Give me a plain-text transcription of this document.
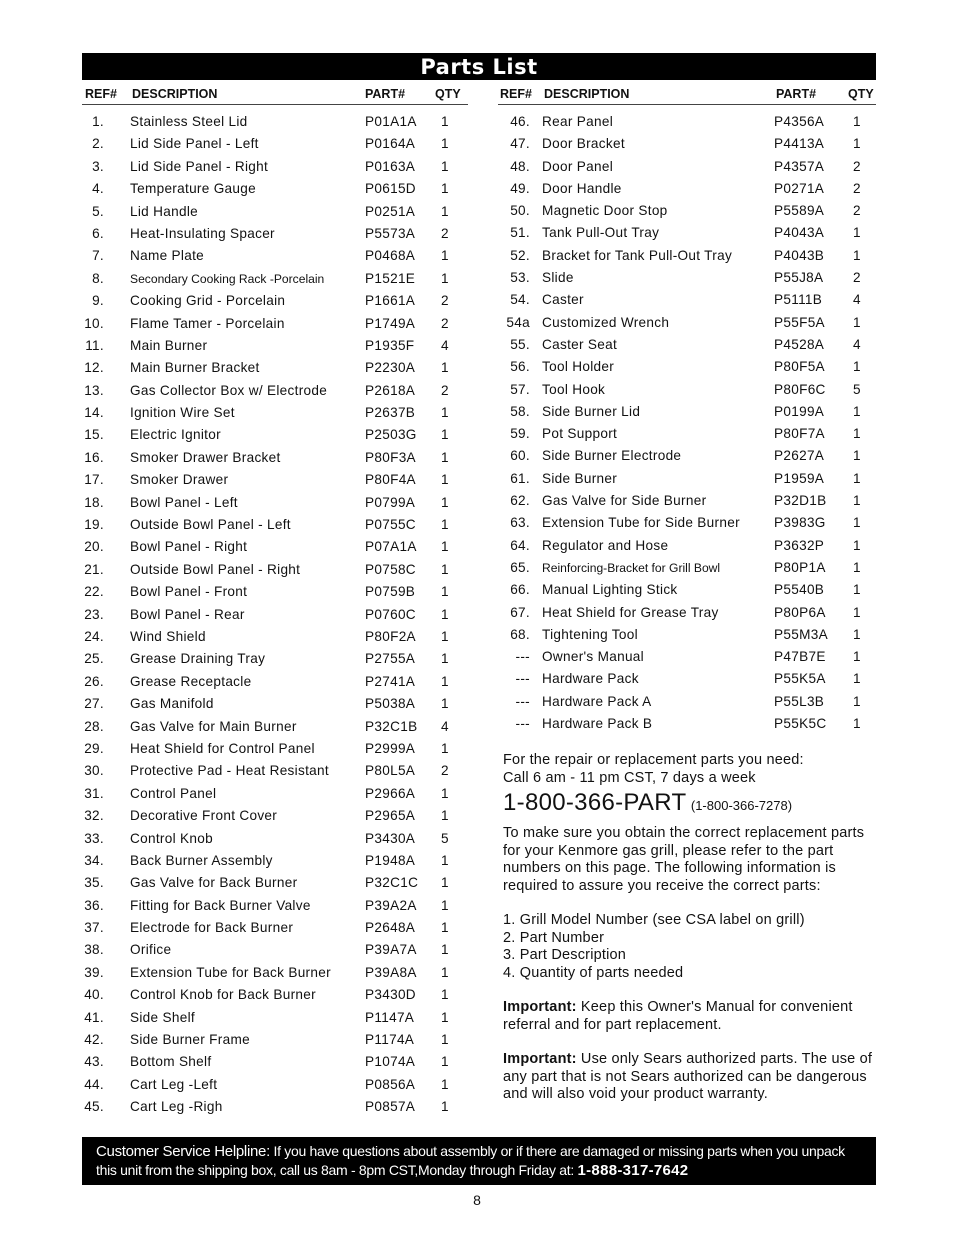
Parts List
REF# DESCRIPTION	PART# QTY
1. Stainless Steel Lid	P01A1A 1
2. Lid Side Panel - Left	P0164A 1
3. Lid Side Panel - Right	P0163A 1
4. Temperature Gauge	P0615D 1
5. Lid Handle	P0251A 1
6. Heat-Insulating Spacer	P5573A 2
7. Name Plate	P0468A 1
8. Secondary Cooking Rack -Porcelain	P1521E 1
9. Cooking Grid - Porcelain	P1661A 2
10. Flame Tamer - Porcelain	P1749A 2
11. Main Burner	P1935F 4
12. Main Burner Bracket	P2230A 1
13. Gas Collector Box w/ Electrode	P2618A 2
14. Ignition Wire Set	P2637B 1
15. Electric Ignitor	P2503G 1
16. Smoker Drawer Bracket	P80F3A 1
17. Smoker Drawer	P80F4A 1
18. Bowl Panel - Left	P0799A 1
19. Outside Bowl Panel - Left	P0755C 1
20. Bowl Panel - Right	P07A1A 1
21. Outside Bowl Panel - Right	P0758C 1
22. Bowl Panel - Front	P0759B 1
23. Bowl Panel - Rear	P0760C 1
24. Wind Shield	P80F2A 1
25. Grease Draining Tray	P2755A 1
26. Grease Receptacle	P2741A 1
27. Gas Manifold	P5038A 1
28. Gas Valve for Main Burner	P32C1B 4
29. Heat Shield for Control Panel	P2999A 1
30. Protective Pad - Heat Resistant	P80L5A 2
31. Control Panel	P2966A 1
32. Decorative Front Cover	P2965A 1
33. Control Knob	P3430A 5
34. Back Burner Assembly	P1948A 1
35. Gas Valve for Back Burner	P32C1C 1
36. Fitting for Back Burner Valve	P39A2A 1
37. Electrode for Back Burner	P2648A 1
38. Orifice	P39A7A 1
39. Extension Tube for Back Burner	P39A8A 1
40. Control Knob for Back Burner	P3430D 1
41. Side Shelf	P1147A 1
42. Side Burner Frame	P1174A 1
43. Bottom Shelf	P1074A 1
44. Cart Leg -Left	P0856A 1
45. Cart Leg -Righ	P0857A 1
REF# DESCRIPTION	PART#	QTY
46. Rear Panel	P4356A 1
47. Door Bracket	P4413A 1
48. Door Panel	P4357A 2
49. Door Handle	P0271A 2
50. Magnetic Door Stop	P5589A 2
51. Tank Pull-Out Tray	P4043A 1
52. Bracket for Tank Pull-Out Tray	P4043B 1
53. Slide	P55J8A 2
54. Caster	P5111B 4
54a Customized Wrench	P55F5A 1
55. Caster Seat	P4528A 4
56. Tool Holder	P80F5A 1
57. Tool Hook	P80F6C 5
58. Side Burner Lid	P0199A 1
59. Pot Support	P80F7A 1
60. Side Burner Electrode	P2627A 1
61. Side Burner	P1959A 1
62. Gas Valve for Side Burner	P32D1B 1
63. Extension Tube for Side Burner	P3983G 1
64. Regulator and Hose	P3632P 1
65. Reinforcing-Bracket for Grill Bowl	P80P1A 1
66. Manual Lighting Stick	P5540B 1
67. Heat Shield for Grease Tray	P80P6A 1
68. Tightening Tool	P55M3A 1
--- Owner's Manual	P47B7E 1
--- Hardware Pack	P55K5A 1
--- Hardware Pack A	P55L3B 1
--- Hardware Pack B	P55K5C 1
For the repair or replacement parts you need:
Call 6 am - 11 pm CST, 7 days a week
1-800-366-PART (1-800-366-7278)
To make sure you obtain the correct replacement parts for your Kenmore gas grill, please refer to the part numbers on this page. The following information is required to assure you receive the correct parts:
1. Grill Model Number (see CSA label on grill)
2. Part Number
3. Part Description
4. Quantity of parts needed
Important: Keep this Owner's Manual for convenient referral and for part replacement.
Important: Use only Sears authorized parts. The use of any part that is not Sears authorized can be dangerous and will also void your product warranty.
Customer Service Helpline: If you have questions about assembly or if there are damaged or missing parts when you unpack this unit from the shipping box, call us 8am - 8pm CST,Monday through Friday at: 1-888-317-7642
8
